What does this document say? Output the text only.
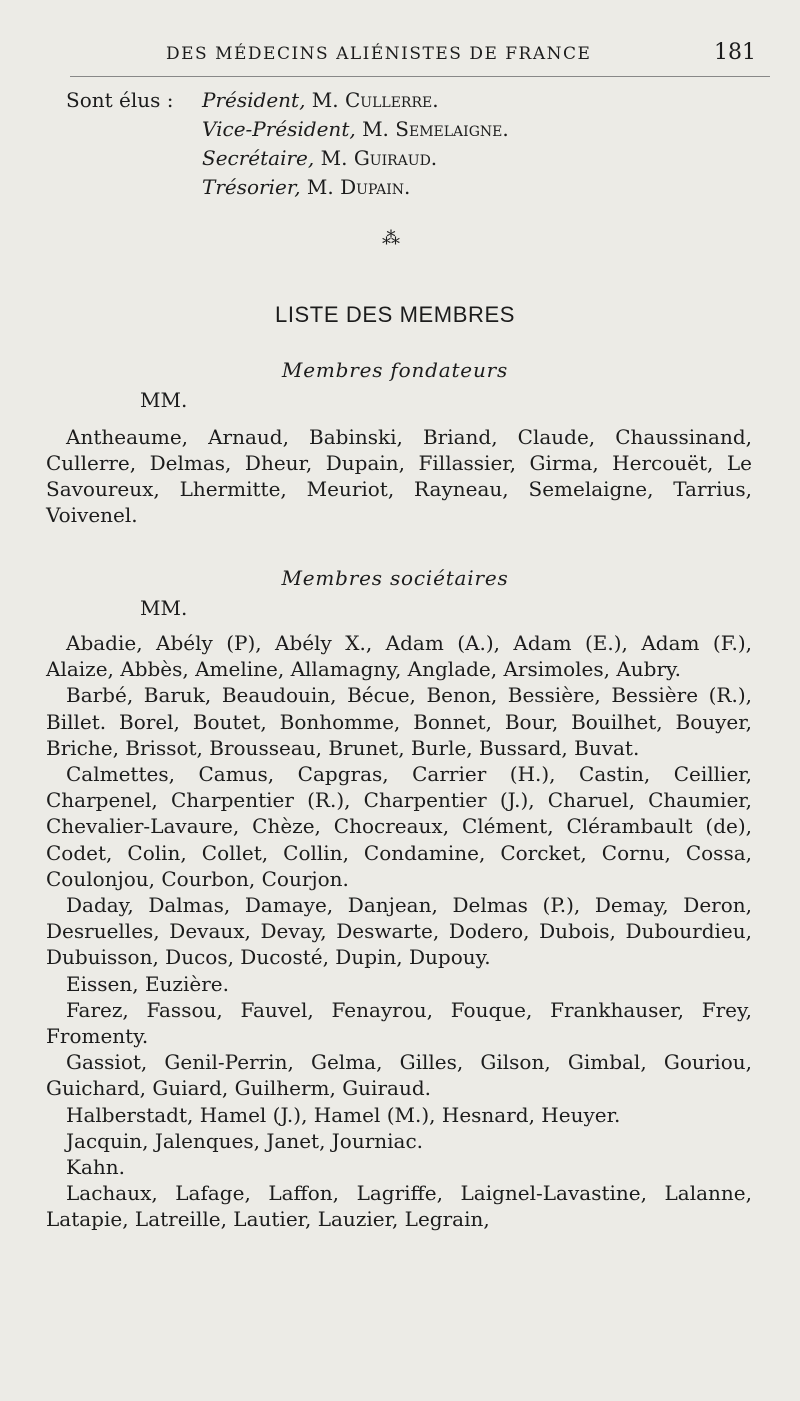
DES MÉDECINS ALIÉNISTES DE FRANCE	181
Sont élus : Président, M. Cullerre.
Vice-Président, M. Semelaigne.
Secrétaire, M. Guiraud.
Trésorier, M. Dupain.
⁂
LISTE DES MEMBRES
Membres fondateurs
MM.
Antheaume, Arnaud, Babinski, Briand, Claude, Chaussinand, Cullerre, Delmas, Dheur, Dupain, Fillassier, Girma, Hercouët, Le Savoureux, Lhermitte, Meuriot, Rayneau, Semelaigne, Tarrius, Voivenel.
Membres sociétaires
MM.
Abadie, Abély (P), Abély X., Adam (A.), Adam (E.), Adam (F.), Alaize, Abbès, Ameline, Allamagny, Anglade, Arsimoles, Aubry.
Barbé, Baruk, Beaudouin, Bécue, Benon, Bessière, Bessière (R.), Billet. Borel, Boutet, Bonhomme, Bonnet, Bour, Bouilhet, Bouyer, Briche, Brissot, Brousseau, Brunet, Burle, Bussard, Buvat.
Calmettes, Camus, Capgras, Carrier (H.), Castin, Ceillier, Charpenel, Charpentier (R.), Charpentier (J.), Charuel, Chaumier, Chevalier-Lavaure, Chèze, Chocreaux, Clément, Clérambault (de), Codet, Colin, Collet, Collin, Condamine, Corcket, Cornu, Cossa, Coulonjou, Courbon, Courjon.
Daday, Dalmas, Damaye, Danjean, Delmas (P.), Demay, Deron, Desruelles, Devaux, Devay, Deswarte, Dodero, Dubois, Dubourdieu, Dubuisson, Ducos, Ducosté, Dupin, Dupouy.
Eissen, Euzière.
Farez, Fassou, Fauvel, Fenayrou, Fouque, Frankhauser, Frey, Fromenty.
Gassiot, Genil-Perrin, Gelma, Gilles, Gilson, Gimbal, Gouriou, Guichard, Guiard, Guilherm, Guiraud.
Halberstadt, Hamel (J.), Hamel (M.), Hesnard, Heuyer.
Jacquin, Jalenques, Janet, Journiac.
Kahn.
Lachaux, Lafage, Laffon, Lagriffe, Laignel-Lavastine, Lalanne, Latapie, Latreille, Lautier, Lauzier, Legrain,
